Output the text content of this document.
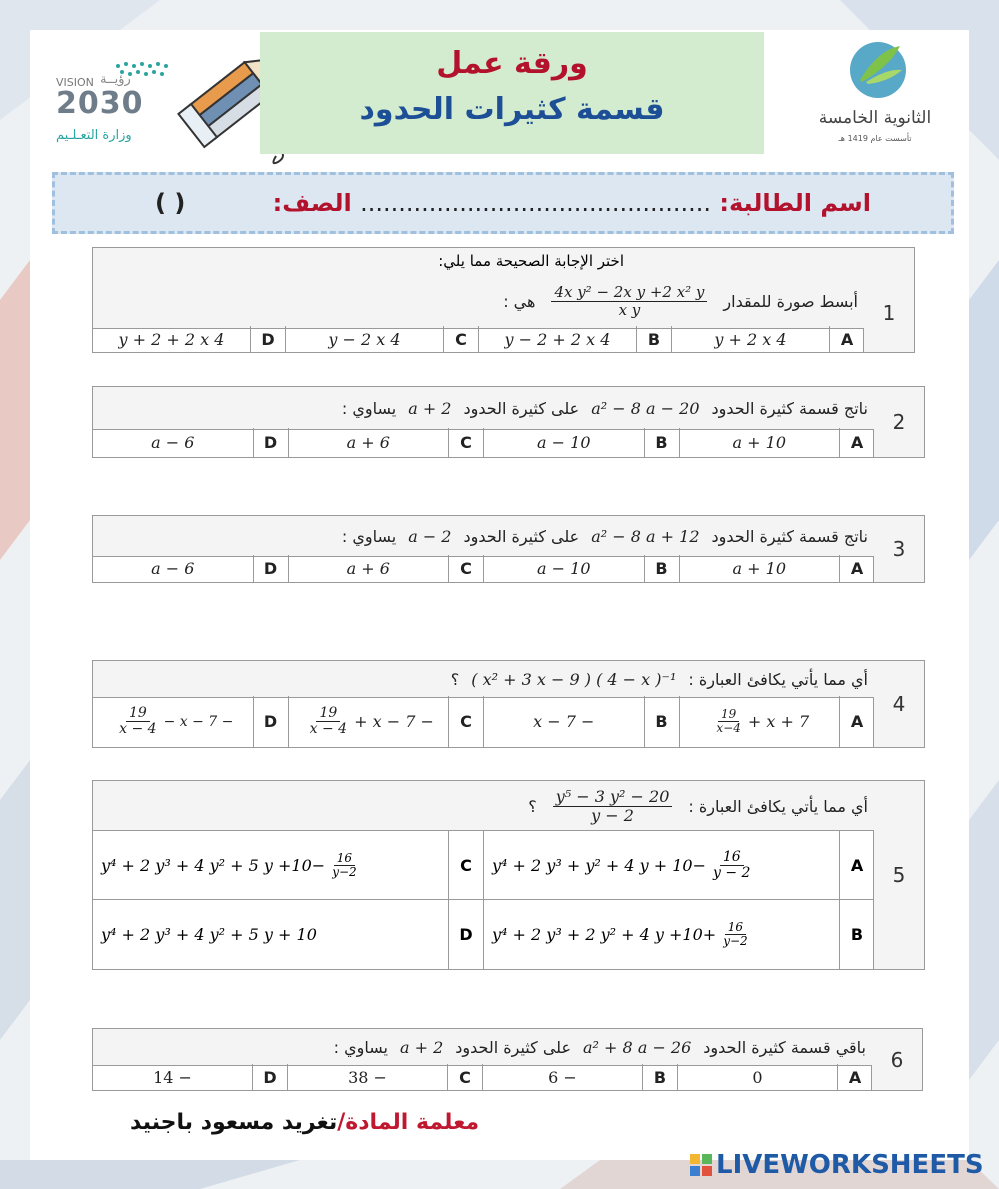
VISION رؤيــة
2030
وزارة التعـلـيم
ورقة عمل
قسمة كثيرات الحدود	الثانوية الخامسة
تأسست عام 1419 هـ
اسم الطالبة: .............................................. الصف:
( )
اختر الإجابة الصحيحة مما يلي:
1
أبسط صورة للمقدار
$\frac{\text{4x y² − 2x y +2 x² y}}{\text{x y}}$
هي :
A
4 y + 2 x
B
4 y − 2 + 2 x
C
4 y − 2 x
D
4 y + 2 + 2 x
2
ناتج قسمة كثيرة الحدود
a² − 8 a − 20
على كثيرة الحدود
a + 2
يساوي :
A
a + 10
B
a − 10
C
a + 6
D
a − 6
3
ناتج قسمة كثيرة الحدود
a² − 8 a + 12
على كثيرة الحدود
a − 2
يساوي :
A
a + 10
B
a − 10
C
a + 6
D
a − 6
4
أي مما يأتي يكافئ العبارة :
( x² + 3 x − 9 ) ( 4 − x )⁻¹
؟
A
x + 7 +
$\frac{19}{4-x}$
B
− x − 7
C
− x − 7 +
$\frac{19}{4 - x}$
D
− x − 7 −
$\frac{19}{4 - x}$
5
أي مما يأتي يكافئ العبارة :
$\frac{\text{y⁵ − 3 y² − 20}}{y - 2}$
؟
A
y⁴ + 2 y³ + y² + 4 $y + 10- \frac{16}{y - 2}$
C
y⁴ + 2 y³ + 4 y² + 5 $y +10- \frac{16}{y-2}$
B
y⁴ + 2 y³ + 2 y² + 4 $y +10+ \frac{16}{y-2}$
D
y⁴ + 2 y³ + 4 y² + 5 y + 10
6
باقي قسمة كثيرة الحدود
a² + 8 a − 26
على كثيرة الحدود
a + 2
يساوي :
A
0
B
− 6
C
− 38
D
− 14
معلمة المادة/تغريد مسعود باجنيد
LIVEWORKSHEETS
